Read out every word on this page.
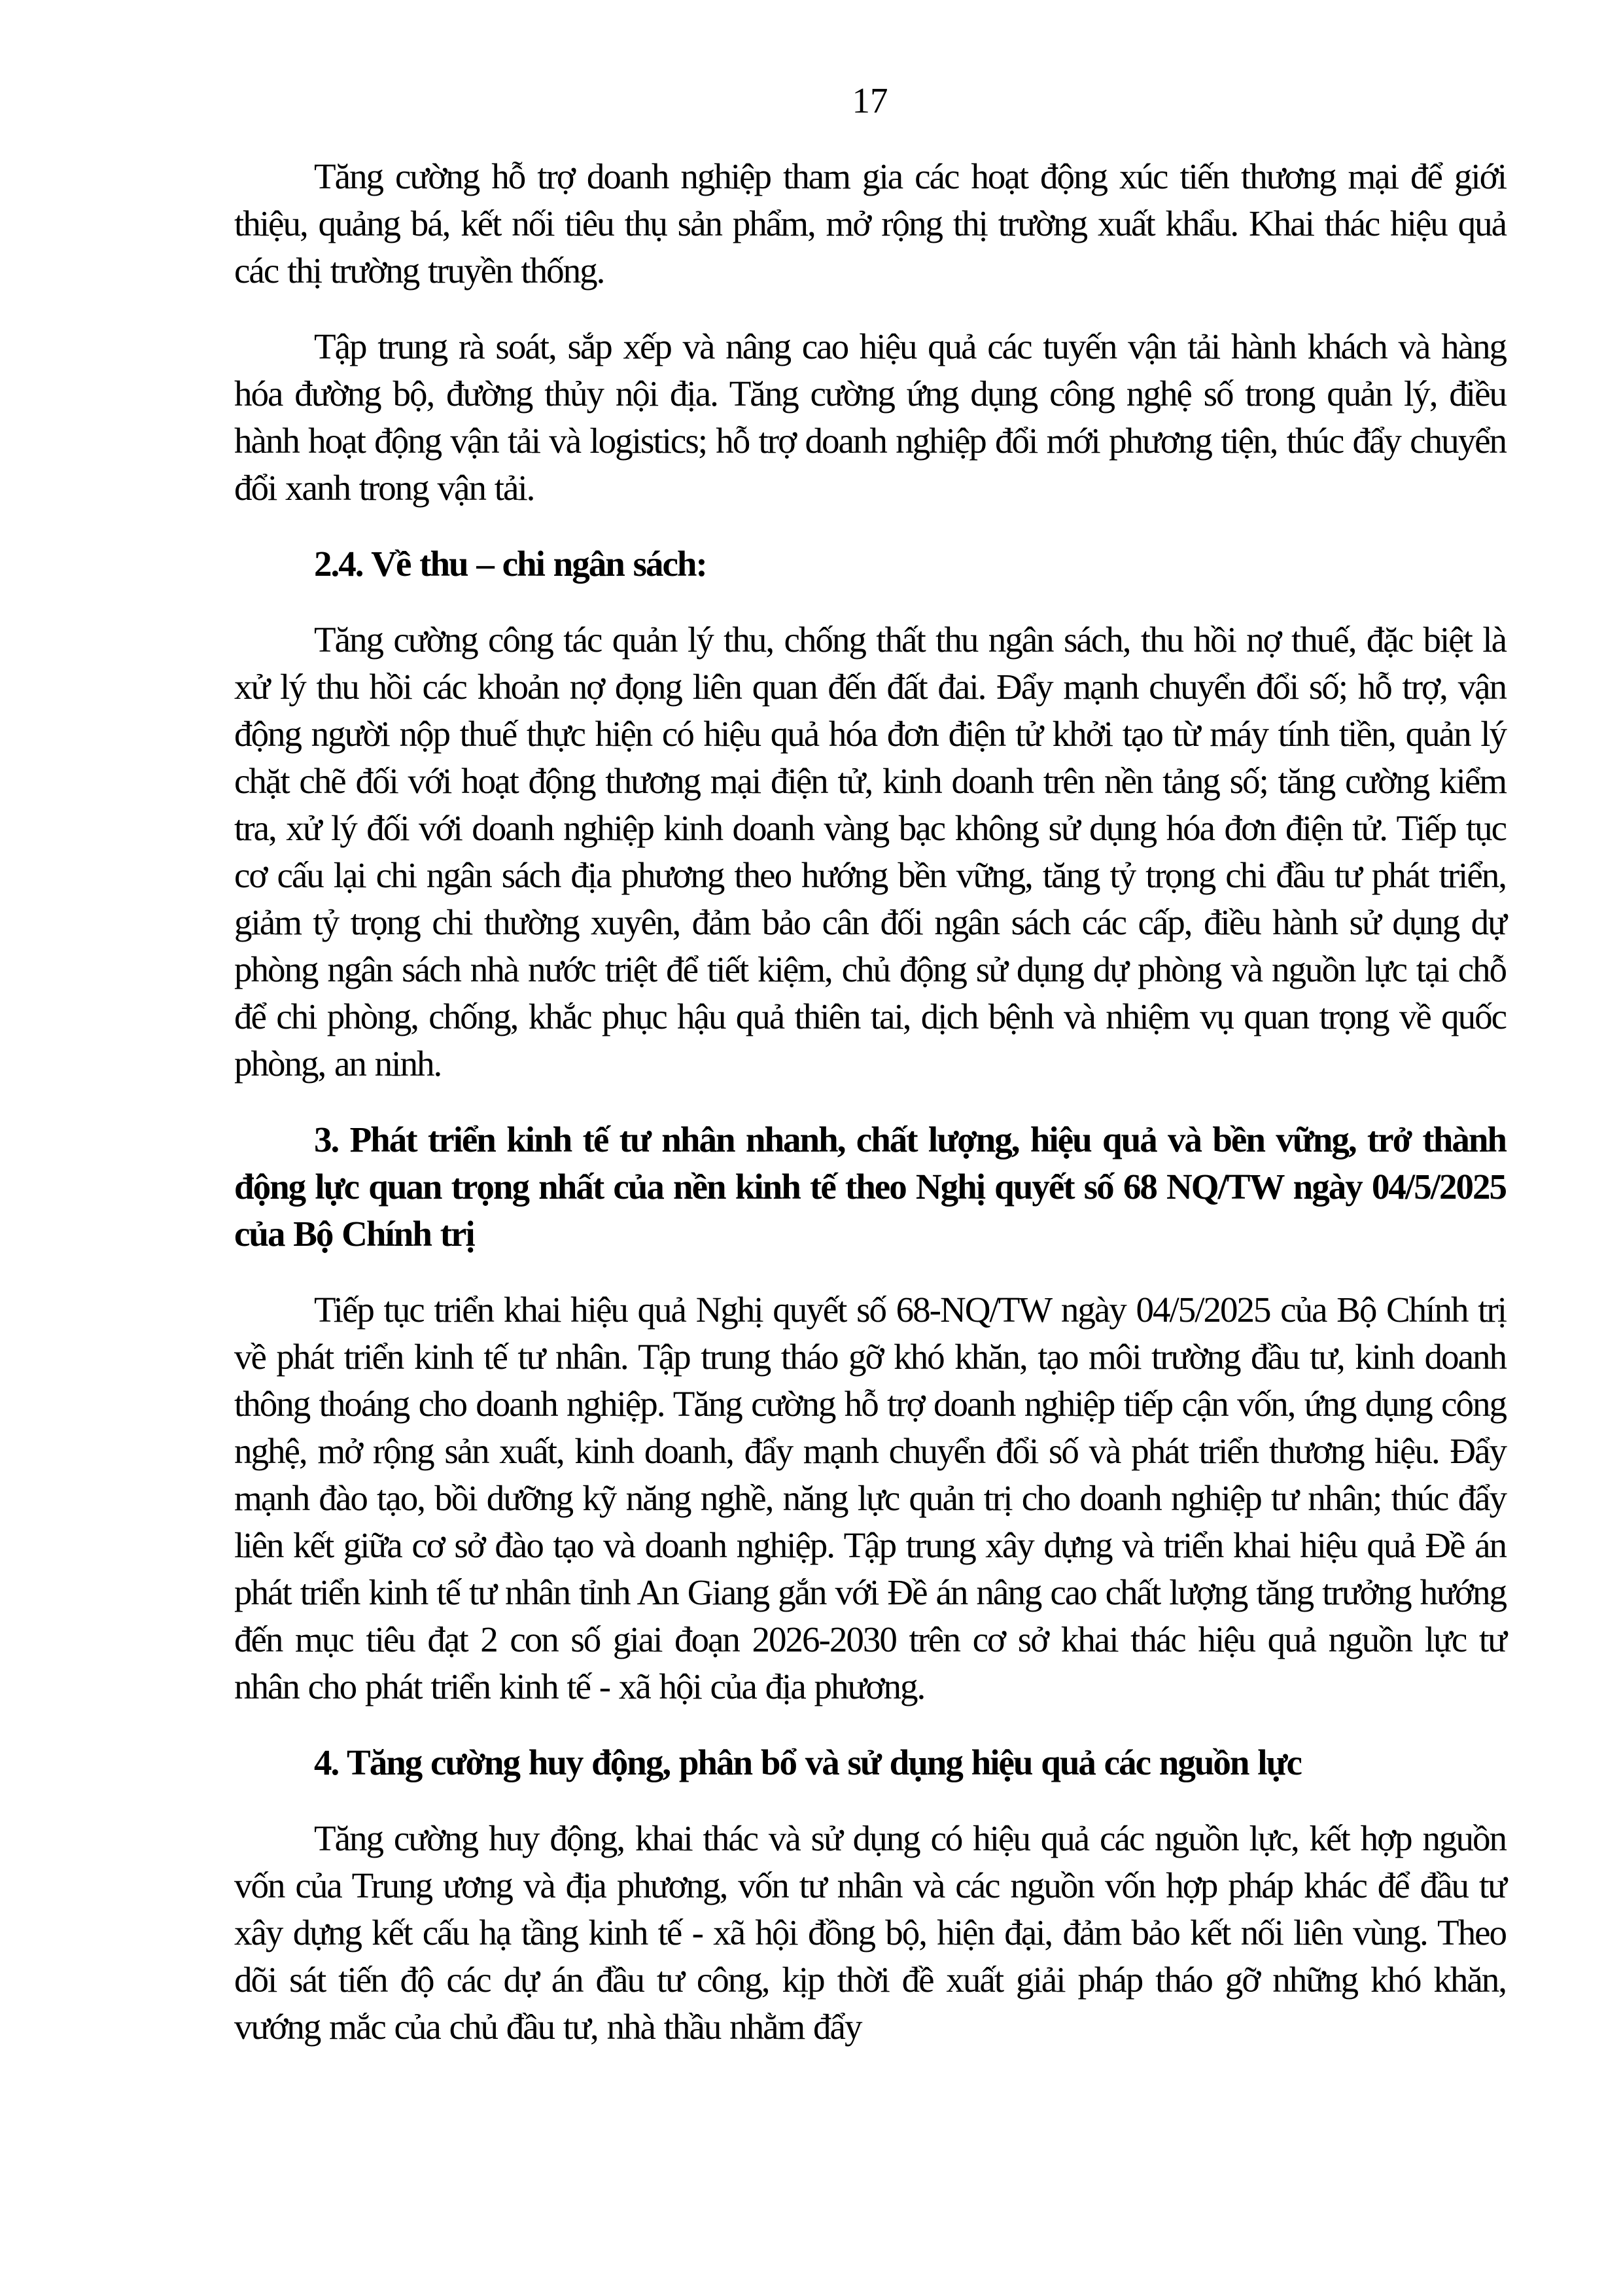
17

Tăng cường hỗ trợ doanh nghiệp tham gia các hoạt động xúc tiến thương mại để giới thiệu, quảng bá, kết nối tiêu thụ sản phẩm, mở rộng thị trường xuất khẩu. Khai thác hiệu quả các thị trường truyền thống.

Tập trung rà soát, sắp xếp và nâng cao hiệu quả các tuyến vận tải hành khách và hàng hóa đường bộ, đường thủy nội địa. Tăng cường ứng dụng công nghệ số trong quản lý, điều hành hoạt động vận tải và logistics; hỗ trợ doanh nghiệp đổi mới phương tiện, thúc đẩy chuyển đổi xanh trong vận tải.

2.4. Về thu – chi ngân sách:

Tăng cường công tác quản lý thu, chống thất thu ngân sách, thu hồi nợ thuế, đặc biệt là xử lý thu hồi các khoản nợ đọng liên quan đến đất đai. Đẩy mạnh chuyển đổi số; hỗ trợ, vận động người nộp thuế thực hiện có hiệu quả hóa đơn điện tử khởi tạo từ máy tính tiền, quản lý chặt chẽ đối với hoạt động thương mại điện tử, kinh doanh trên nền tảng số; tăng cường kiểm tra, xử lý đối với doanh nghiệp kinh doanh vàng bạc không sử dụng hóa đơn điện tử. Tiếp tục cơ cấu lại chi ngân sách địa phương theo hướng bền vững, tăng tỷ trọng chi đầu tư phát triển, giảm tỷ trọng chi thường xuyên, đảm bảo cân đối ngân sách các cấp, điều hành sử dụng dự phòng ngân sách nhà nước triệt để tiết kiệm, chủ động sử dụng dự phòng và nguồn lực tại chỗ để chi phòng, chống, khắc phục hậu quả thiên tai, dịch bệnh và nhiệm vụ quan trọng về quốc phòng, an ninh.

3. Phát triển kinh tế tư nhân nhanh, chất lượng, hiệu quả và bền vững, trở thành động lực quan trọng nhất của nền kinh tế theo Nghị quyết số 68 NQ/TW ngày 04/5/2025 của Bộ Chính trị

Tiếp tục triển khai hiệu quả Nghị quyết số 68-NQ/TW ngày 04/5/2025 của Bộ Chính trị về phát triển kinh tế tư nhân. Tập trung tháo gỡ khó khăn, tạo môi trường đầu tư, kinh doanh thông thoáng cho doanh nghiệp. Tăng cường hỗ trợ doanh nghiệp tiếp cận vốn, ứng dụng công nghệ, mở rộng sản xuất, kinh doanh, đẩy mạnh chuyển đổi số và phát triển thương hiệu. Đẩy mạnh đào tạo, bồi dưỡng kỹ năng nghề, năng lực quản trị cho doanh nghiệp tư nhân; thúc đẩy liên kết giữa cơ sở đào tạo và doanh nghiệp. Tập trung xây dựng và triển khai hiệu quả Đề án phát triển kinh tế tư nhân tỉnh An Giang gắn với Đề án nâng cao chất lượng tăng trưởng hướng đến mục tiêu đạt 2 con số giai đoạn 2026-2030 trên cơ sở khai thác hiệu quả nguồn lực tư nhân cho phát triển kinh tế - xã hội của địa phương.

4. Tăng cường huy động, phân bổ và sử dụng hiệu quả các nguồn lực

Tăng cường huy động, khai thác và sử dụng có hiệu quả các nguồn lực, kết hợp nguồn vốn của Trung ương và địa phương, vốn tư nhân và các nguồn vốn hợp pháp khác để đầu tư xây dựng kết cấu hạ tầng kinh tế - xã hội đồng bộ, hiện đại, đảm bảo kết nối liên vùng. Theo dõi sát tiến độ các dự án đầu tư công, kịp thời đề xuất giải pháp tháo gỡ những khó khăn, vướng mắc của chủ đầu tư, nhà thầu nhằm đẩy
